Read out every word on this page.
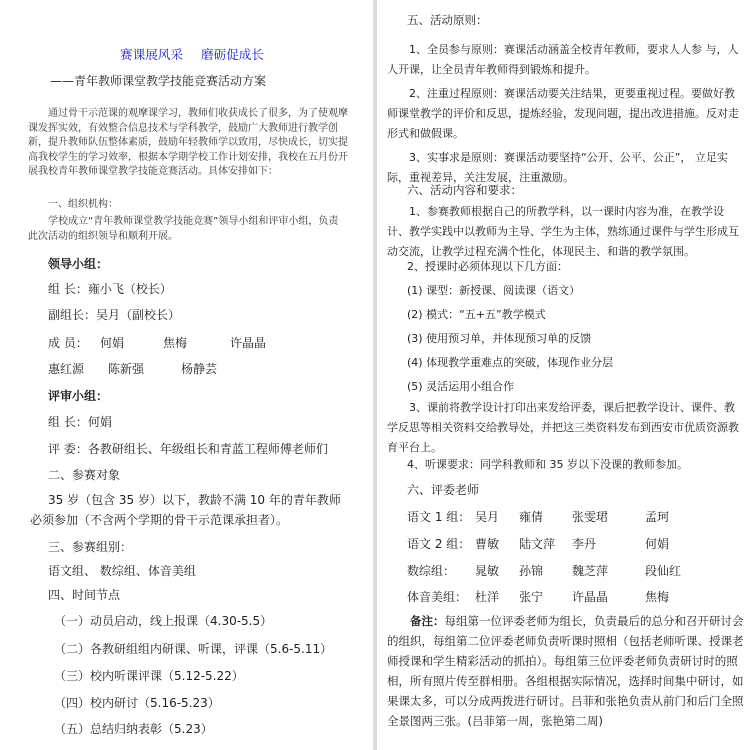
赛课展风采 磨砺促成长
——青年教师课堂教学技能竞赛活动方案
通过骨干示范课的观摩课学习，教师们收获成长了很多，为了使观摩课发挥实效，有效整合信息技术与学科教学，鼓励广大教师进行教学创新，提升教师队伍整体素质，鼓励年轻教师学以致用，尽快成长，切实提高我校学生的学习效率，根据本学期学校工作计划安排，我校在五月份开展我校青年教师课堂教学技能竞赛活动。具体安排如下：
一、组织机构：
学校成立“青年教师课堂教学技能竞赛”领导小组和评审小组，负责此次活动的组织领导和顺利开展。
领导小组：
组 长：雍小飞（校长）
副组长：吴月（副校长）
成 员： 何娟	焦梅	许晶晶
惠红源 陈新强	杨静芸
评审小组：
组 长：何娟
评 委：各教研组长、年级组长和青蓝工程师傅老师们
二、参赛对象
35 岁（包含 35 岁）以下，教龄不满 10 年的青年教师必须参加（不含两个学期的骨干示范课承担者）。
三、参赛组别：
语文组、 数综组、体音美组
四、时间节点
（一）动员启动，线上报课（4.30-5.5）
（二）各教研组组内研课、听课，评课（5.6-5.11）
（三）校内听课评课（5.12-5.22）
（四）校内研讨（5.16-5.23）
（五）总结归纳表彰（5.23）
五、活动原则：
1、全员参与原则：赛课活动涵盖全校青年教师，要求人人参 与，人人开课，让全员青年教师得到锻炼和提升。
2、注重过程原则：赛课活动要关注结果，更要重视过程。要做好教师课堂教学的评价和反思，提炼经验，发现问题，提出改进措施。反对走形式和做假课。
3、实事求是原则：赛课活动要坚持“公开、公平、公正”， 立足实际，重视差异，关注发展，注重激励。
六、活动内容和要求：
1、参赛教师根据自己的所教学科，以一课时内容为准，在教学设计、教学实践中以教师为主导、学生为主体，熟练通过课件与学生形成互动交流，让教学过程充满个性化，体现民主、和谐的教学氛围。
2、授课时必须体现以下几方面：
(1) 课型：新授课、阅读课（语文）
(2) 模式：“五+五”教学模式
(3) 使用预习单，并体现预习单的反馈
(4) 体现教学重难点的突破，体现作业分层
(5) 灵活运用小组合作
3、课前将教学设计打印出来发给评委，课后把教学设计、课件、教学反思等相关资料交给教导处，并把这三类资料发布到西安市优质资源教育平台上。
4、听课要求：同学科教师和 35 岁以下没课的教师参加。
六、评委老师
语文 1 组： 吴月 雍倩 张雯珺	孟珂
语文 2 组： 曹敏 陆文萍 李丹	何娟
数综组： 晁敏 孙锦 魏芝萍	段仙红
体音美组： 杜洋 张宁 许晶晶	焦梅
备注：每组第一位评委老师为组长，负责最后的总分和召开研讨会的组织，每组第二位评委老师负责听课时照相（包括老师听课、授课老师授课和学生精彩活动的抓拍）。每组第三位评委老师负责研讨时的照相，所有照片传至群相册。各组根据实际情况，选择时间集中研讨，如果课太多，可以分成两拨进行研讨。吕菲和张艳负责从前门和后门全照全景图两三张。(吕菲第一周，张艳第二周)
